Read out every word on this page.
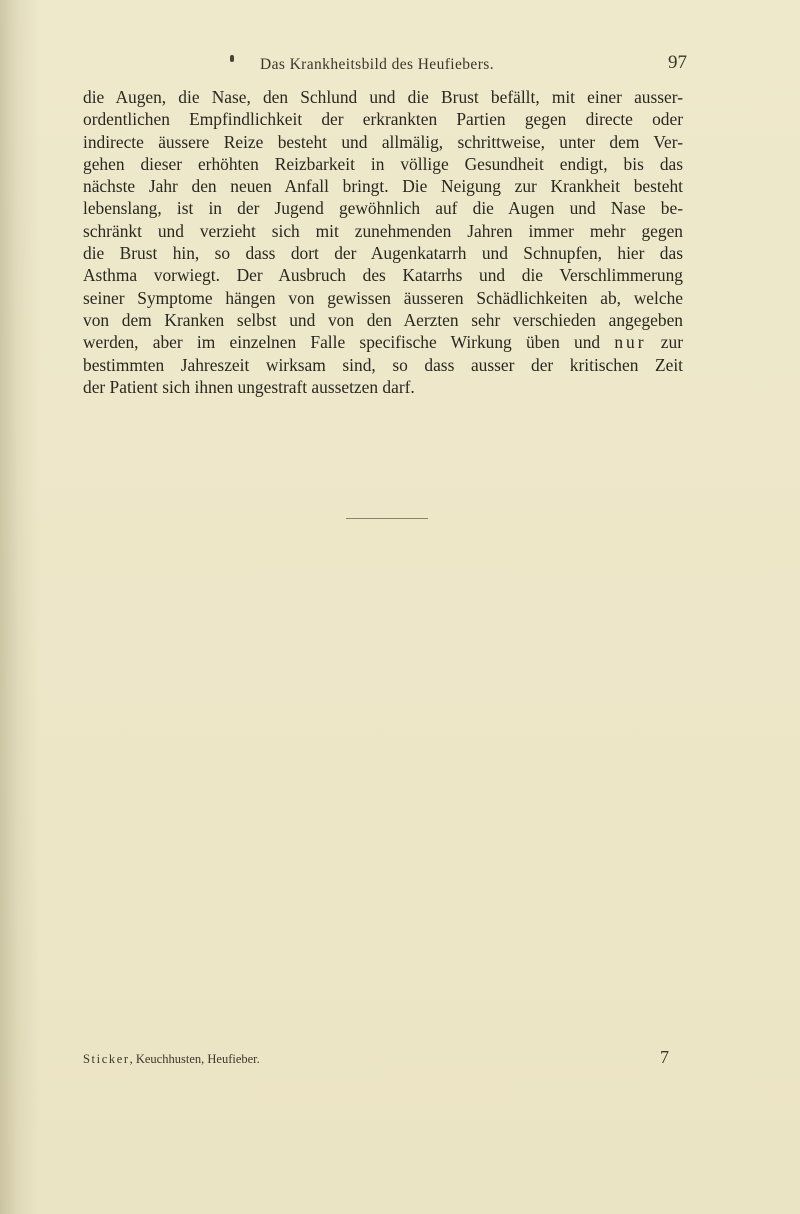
Das Krankheitsbild des Heufiebers.	97
die Augen, die Nase, den Schlund und die Brust befällt, mit einer ausser-
ordentlichen Empfindlichkeit der erkrankten Partien gegen directe oder
indirecte äussere Reize besteht und allmälig, schrittweise, unter dem Ver-
gehen dieser erhöhten Reizbarkeit in völlige Gesundheit endigt, bis das
nächste Jahr den neuen Anfall bringt. Die Neigung zur Krankheit besteht
lebenslang, ist in der Jugend gewöhnlich auf die Augen und Nase be-
schränkt und verzieht sich mit zunehmenden Jahren immer mehr gegen
die Brust hin, so dass dort der Augenkatarrh und Schnupfen, hier das
Asthma vorwiegt. Der Ausbruch des Katarrhs und die Verschlimmerung
seiner Symptome hängen von gewissen äusseren Schädlichkeiten ab, welche
von dem Kranken selbst und von den Aerzten sehr verschieden angegeben
werden, aber im einzelnen Falle specifische Wirkung üben und nur zur
bestimmten Jahreszeit wirksam sind, so dass ausser der kritischen Zeit
der Patient sich ihnen ungestraft aussetzen darf.
Sticker, Keuchhusten, Heufieber.	7
